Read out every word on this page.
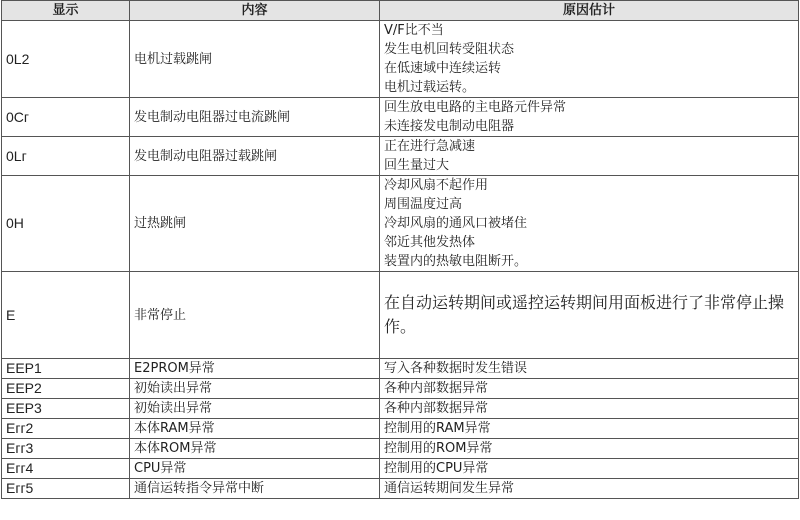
显示	内容	原因估计
0L2	电机过载跳闸	V/F比不当
发生电机回转受阻状态
在低速域中连续运转
电机过载运转。

0Cᴦ	发电制动电阻器过电流跳闸	回生放电电路的主电路元件异常
未连接发电制动电阻器

0Lᴦ	发电制动电阻器过载跳闸	正在进行急减速
回生量过大

0H	过热跳闸	冷却风扇不起作用
周围温度过高
冷却风扇的通风口被堵住
邻近其他发热体
装置内的热敏电阻断开。

E	非常停止	在自动运转期间或遥控运转期间用面板进行了非常停止操作。

EEP1	E2PROM异常	写入各种数据时发生错误
EEP2	初始读出异常	各种内部数据异常
EEP3	初始读出异常	各种内部数据异常
Eᴦᴦ2	本体RAM异常	控制用的RAM异常
Eᴦᴦ3	本体ROM异常	控制用的ROM异常
Eᴦᴦ4	CPU异常	控制用的CPU异常
Eᴦᴦ5	通信运转指令异常中断	通信运转期间发生异常
